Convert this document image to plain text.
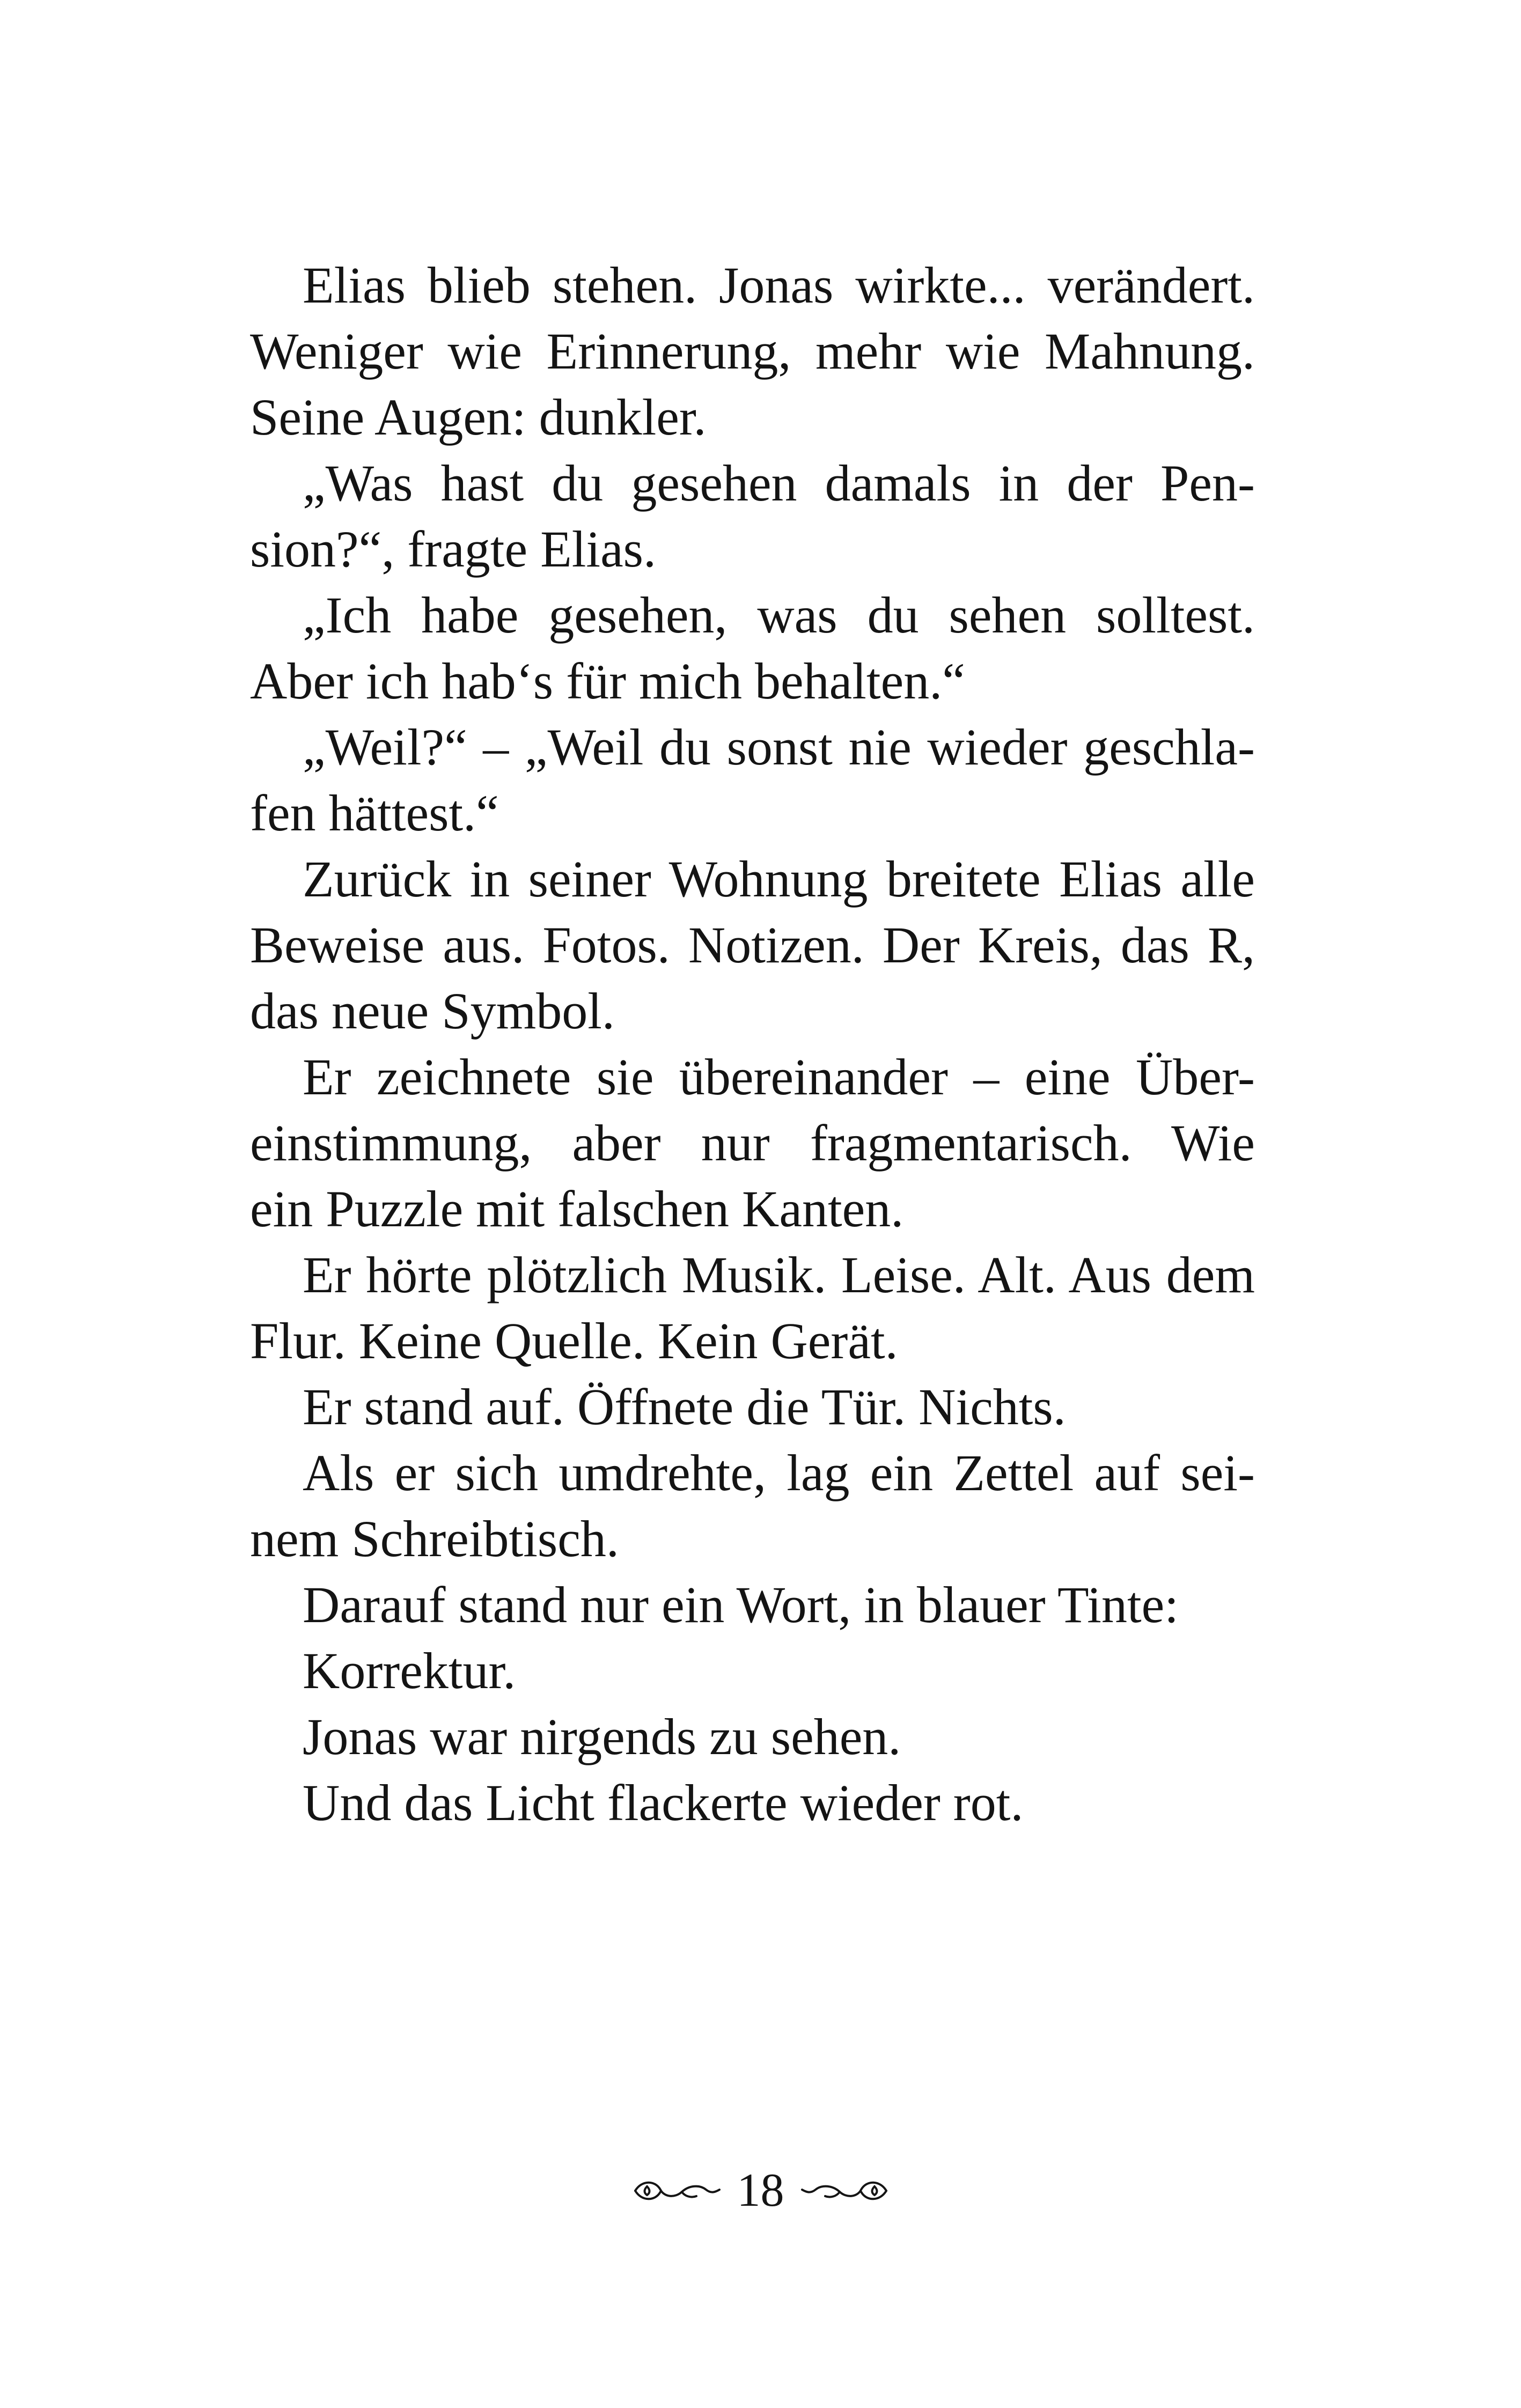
Elias blieb stehen. Jonas wirkte... verändert.
Weniger wie Erinnerung, mehr wie Mahnung.
Seine Augen: dunkler.
„Was hast du gesehen damals in der Pen-
sion?“, fragte Elias.
„Ich habe gesehen, was du sehen solltest.
Aber ich hab‘s für mich behalten.“
„Weil?“ – „Weil du sonst nie wieder geschla-
fen hättest.“
Zurück in seiner Wohnung breitete Elias alle
Beweise aus. Fotos. Notizen. Der Kreis, das R,
das neue Symbol.
Er zeichnete sie übereinander – eine Über-
einstimmung, aber nur fragmentarisch. Wie
ein Puzzle mit falschen Kanten.
Er hörte plötzlich Musik. Leise. Alt. Aus dem
Flur. Keine Quelle. Kein Gerät.
Er stand auf. Öffnete die Tür. Nichts.
Als er sich umdrehte, lag ein Zettel auf sei-
nem Schreibtisch.
Darauf stand nur ein Wort, in blauer Tinte:
Korrektur.
Jonas war nirgends zu sehen.
Und das Licht flackerte wieder rot.
18
